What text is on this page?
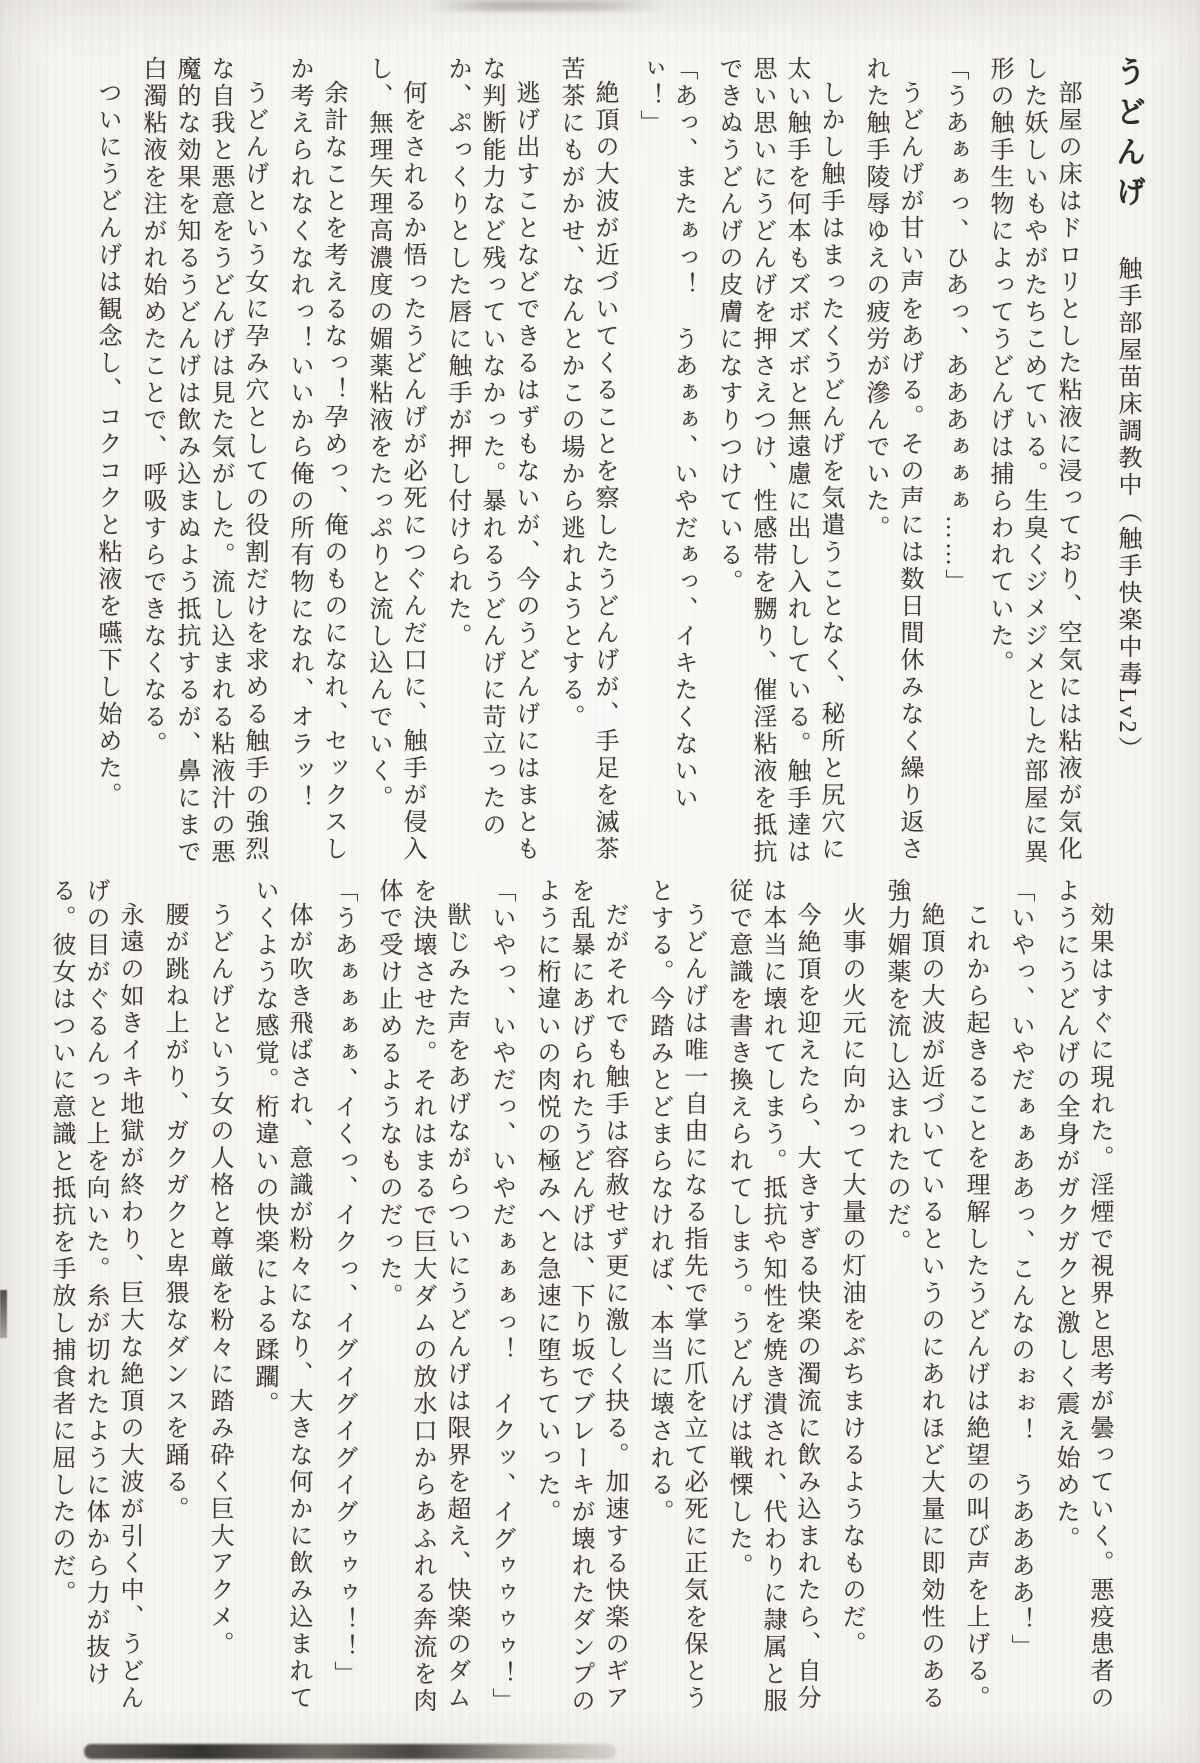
うどんげ触手部屋苗床調教中（触手快楽中毒Lv2）

部屋の床はドロリとした粘液に浸っており、空気には粘液が気化した妖しいもやがたちこめている。生臭くジメジメとした部屋に異形の触手生物によってうどんげは捕らわれていた。

「うあぁぁっ、ひあっ、あああぁぁぁ……」

うどんげが甘い声をあげる。その声には数日間休みなく繰り返された触手陵辱ゆえの疲労が滲んでいた。

しかし触手はまったくうどんげを気遣うことなく、秘所と尻穴に太い触手を何本もズボズボと無遠慮に出し入れしている。触手達は思い思いにうどんげを押さえつけ、性感帯を嬲り、催淫粘液を抵抗できぬうどんげの皮膚になすりつけている。

「あっ、またぁっ！　うあぁぁ、いやだぁっ、イキたくないいぃ！」

絶頂の大波が近づいてくることを察したうどんげが、手足を滅茶苦茶にもがかせ、なんとかこの場から逃れようとする。

逃げ出すことなどできるはずもないが、今のうどんげにはまともな判断能力など残っていなかった。暴れるうどんげに苛立ったのか、ぷっくりとした唇に触手が押し付けられた。

何をされるか悟ったうどんげが必死につぐんだ口に、触手が侵入し、無理矢理高濃度の媚薬粘液をたっぷりと流し込んでいく。

余計なことを考えるなっ！孕めっ、俺のものになれ、セックスしか考えられなくなれっ！いいから俺の所有物になれ、オラッ！

うどんげという女に孕み穴としての役割だけを求める触手の強烈な自我と悪意をうどんげは見た気がした。流し込まれる粘液汁の悪魔的な効果を知るうどんげは飲み込まぬよう抵抗するが、鼻にまで白濁粘液を注がれ始めたことで、呼吸すらできなくなる。

ついにうどんげは観念し、コクコクと粘液を嚥下し始めた。

効果はすぐに現れた。淫煙で視界と思考が曇っていく。悪疫患者のようにうどんげの全身がガクガクと激しく震え始めた。

「いやっ、いやだぁぁああっ、こんなのぉぉ！　うああああ！」

これから起きることを理解したうどんげは絶望の叫び声を上げる。

絶頂の大波が近づいているというのにあれほど大量に即効性のある強力媚薬を流し込まれたのだ。

火事の火元に向かって大量の灯油をぶちまけるようなものだ。

今絶頂を迎えたら、大きすぎる快楽の濁流に飲み込まれたら、自分は本当に壊れてしまう。抵抗や知性を焼き潰され、代わりに隷属と服従で意識を書き換えられてしまう。うどんげは戦慄した。

うどんげは唯一自由になる指先で掌に爪を立て必死に正気を保とうとする。今踏みとどまらなければ、本当に壊される。

だがそれでも触手は容赦せず更に激しく抉る。加速する快楽のギアを乱暴にあげられたうどんげは、下り坂でブレーキが壊れたダンプのように桁違いの肉悦の極みへと急速に堕ちていった。

「いやっ、いやだっ、いやだぁぁぁっ！　イクッ、イグゥゥゥゥ！」

獣じみた声をあげながらついにうどんげは限界を超え、快楽のダムを決壊させた。それはまるで巨大ダムの放水口からあふれる奔流を肉体で受け止めるようなものだった。

「うあぁぁぁぁ、イくっ、イクっ、イグイグイグイグゥゥゥ！！」

体が吹き飛ばされ、意識が粉々になり、大きな何かに飲み込まれていくような感覚。桁違いの快楽による蹂躙。

うどんげという女の人格と尊厳を粉々に踏み砕く巨大アクメ。

腰が跳ね上がり、ガクガクと卑猥なダンスを踊る。

永遠の如きイキ地獄が終わり、巨大な絶頂の大波が引く中、うどんげの目がぐるんっと上を向いた。糸が切れたように体から力が抜ける。彼女はついに意識と抵抗を手放し捕食者に屈したのだ。
